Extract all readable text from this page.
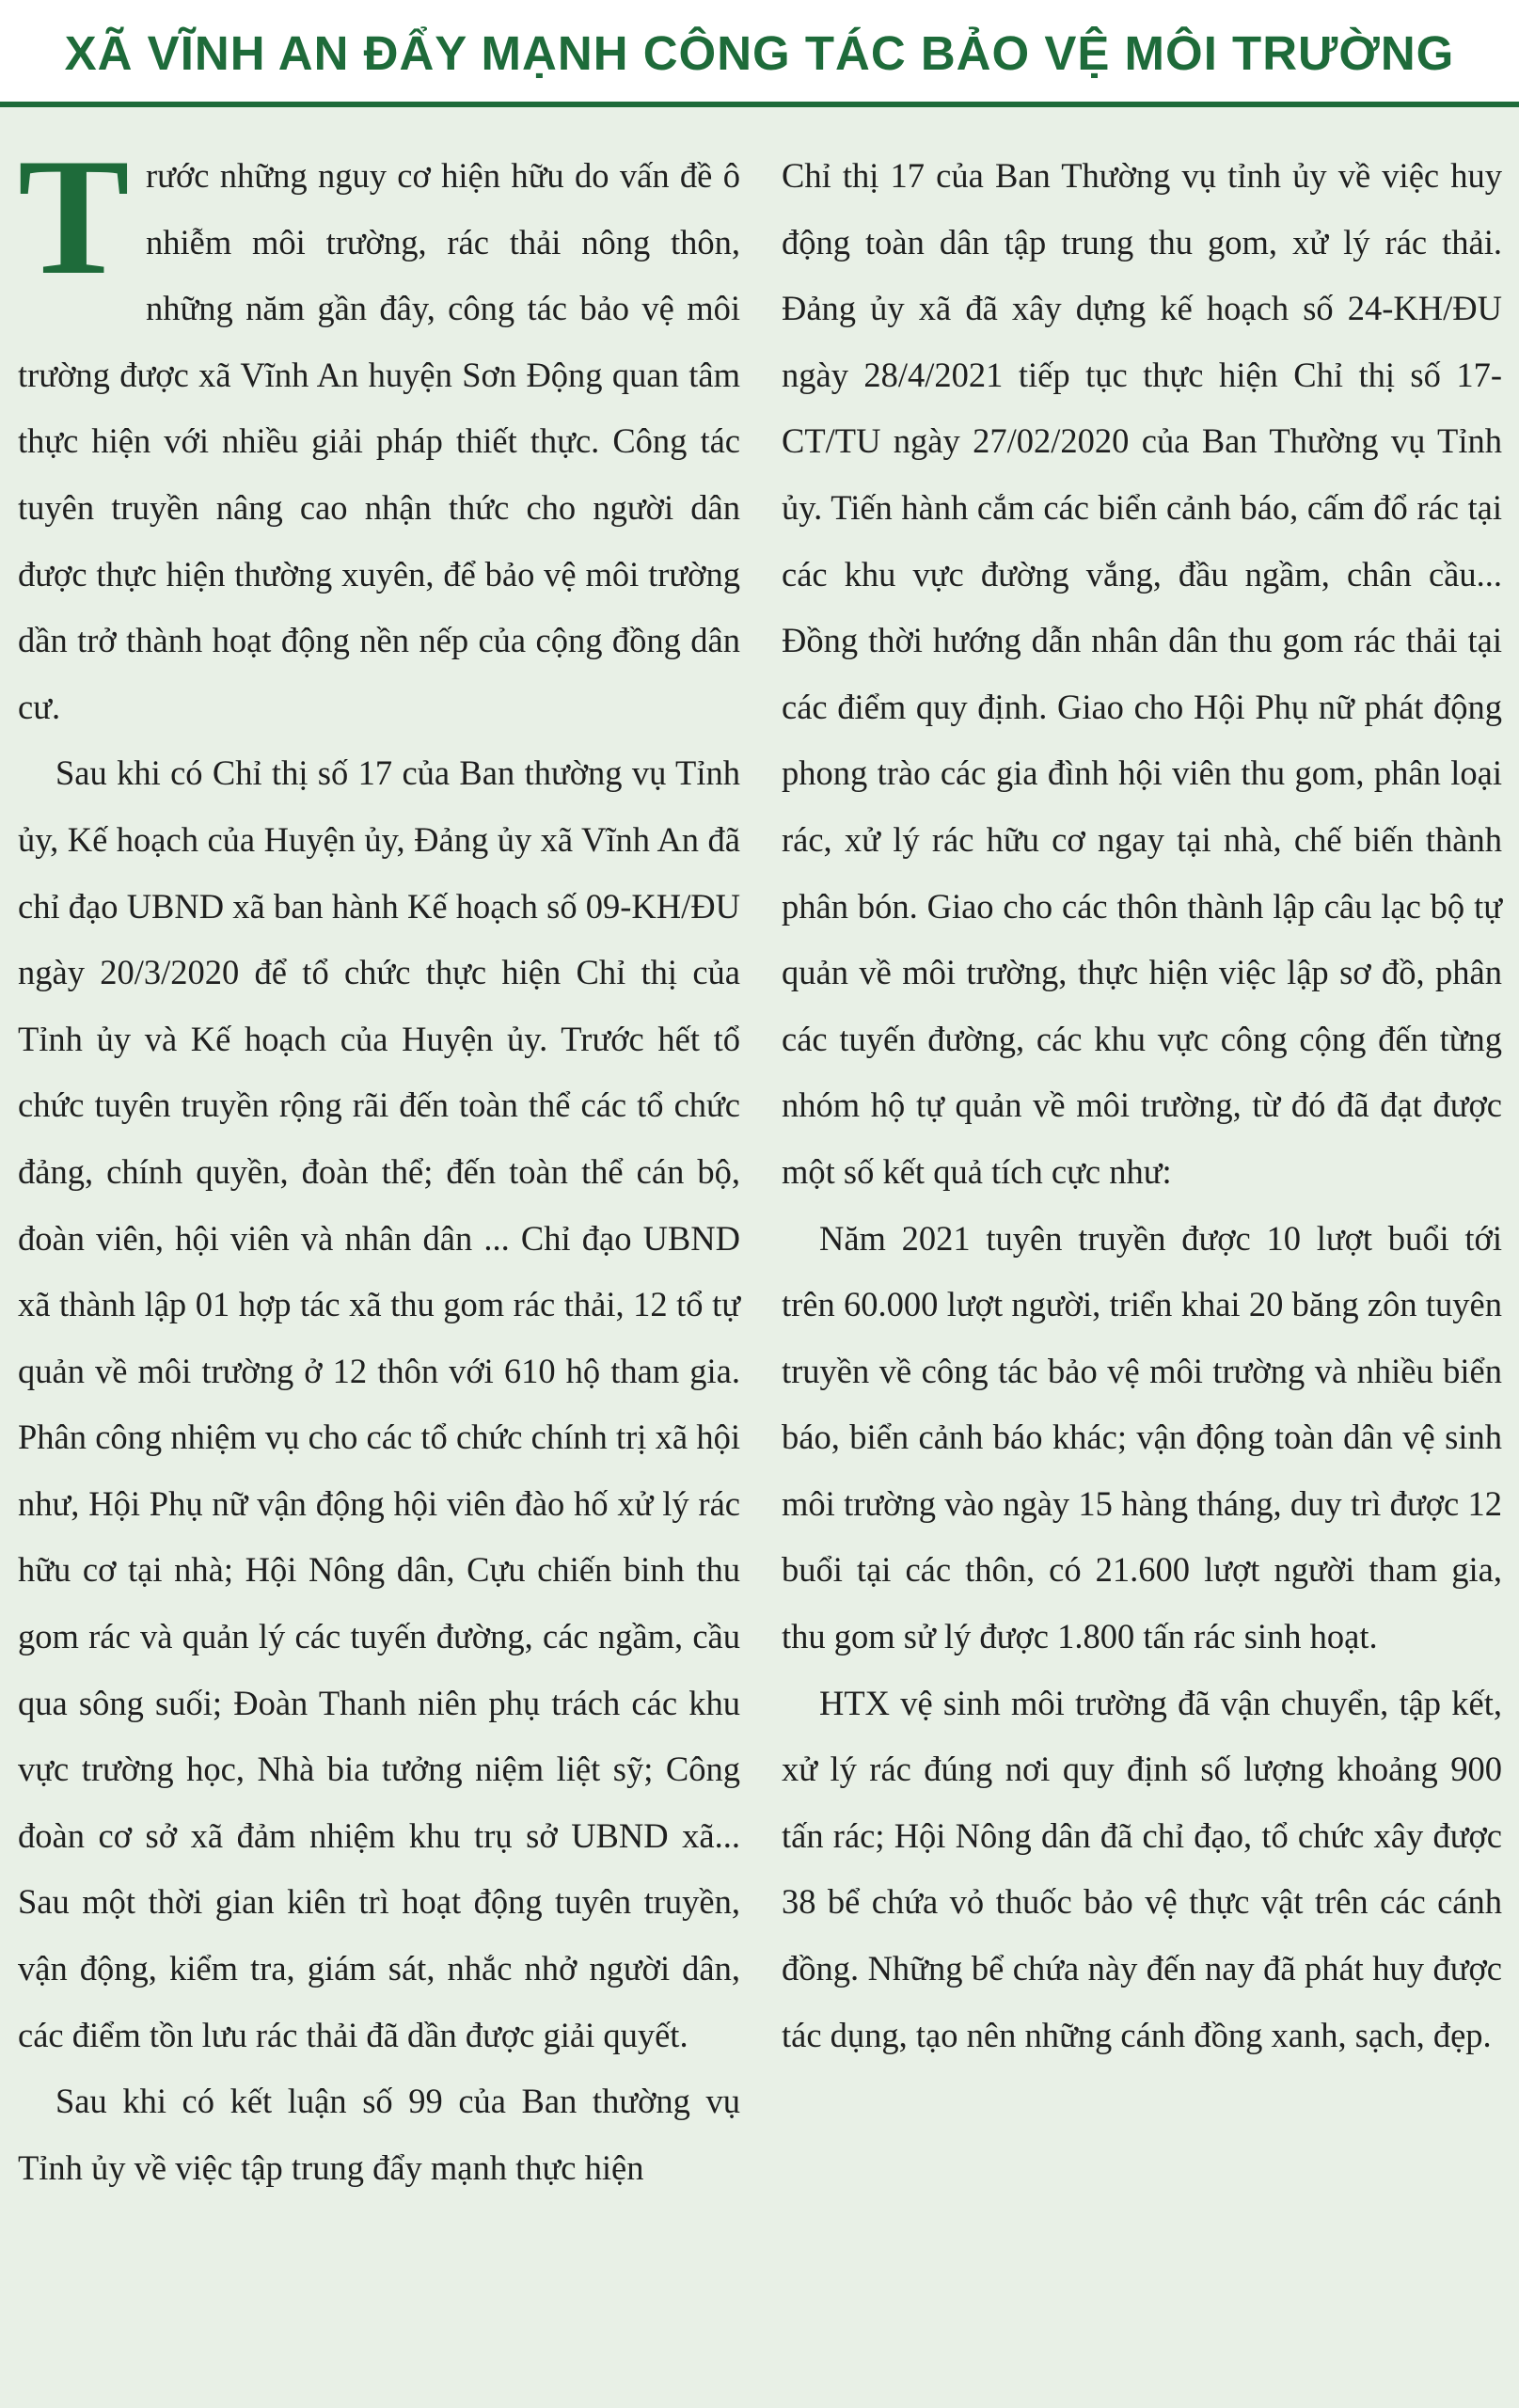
XÃ VĨNH AN ĐẨY MẠNH CÔNG TÁC BẢO VỆ MÔI TRƯỜNG

Trước những nguy cơ hiện hữu do vấn đề ô nhiễm môi trường, rác thải nông thôn, những năm gần đây, công tác bảo vệ môi trường được xã Vĩnh An huyện Sơn Động quan tâm thực hiện với nhiều giải pháp thiết thực. Công tác tuyên truyền nâng cao nhận thức cho người dân được thực hiện thường xuyên, để bảo vệ môi trường dần trở thành hoạt động nền nếp của cộng đồng dân cư.

Sau khi có Chỉ thị số 17 của Ban thường vụ Tỉnh ủy, Kế hoạch của Huyện ủy, Đảng ủy xã Vĩnh An đã chỉ đạo UBND xã ban hành Kế hoạch số 09-KH/ĐU ngày 20/3/2020 để tổ chức thực hiện Chỉ thị của Tỉnh ủy và Kế hoạch của Huyện ủy. Trước hết tổ chức tuyên truyền rộng rãi đến toàn thể các tổ chức đảng, chính quyền, đoàn thể; đến toàn thể cán bộ, đoàn viên, hội viên và nhân dân ... Chỉ đạo UBND xã thành lập 01 hợp tác xã thu gom rác thải, 12 tổ tự quản về môi trường ở 12 thôn với 610 hộ tham gia. Phân công nhiệm vụ cho các tổ chức chính trị xã hội như, Hội Phụ nữ vận động hội viên đào hố xử lý rác hữu cơ tại nhà; Hội Nông dân, Cựu chiến binh thu gom rác và quản lý các tuyến đường, các ngầm, cầu qua sông suối; Đoàn Thanh niên phụ trách các khu vực trường học, Nhà bia tưởng niệm liệt sỹ; Công đoàn cơ sở xã đảm nhiệm khu trụ sở UBND xã... Sau một thời gian kiên trì hoạt động tuyên truyền, vận động, kiểm tra, giám sát, nhắc nhở người dân, các điểm tồn lưu rác thải đã dần được giải quyết.

Sau khi có kết luận số 99 của Ban thường vụ Tỉnh ủy về việc tập trung đẩy mạnh thực hiện

Chỉ thị 17 của Ban Thường vụ tỉnh ủy về việc huy động toàn dân tập trung thu gom, xử lý rác thải. Đảng ủy xã đã xây dựng kế hoạch số 24-KH/ĐU ngày 28/4/2021 tiếp tục thực hiện Chỉ thị số 17-CT/TU ngày 27/02/2020 của Ban Thường vụ Tỉnh ủy. Tiến hành cắm các biển cảnh báo, cấm đổ rác tại các khu vực đường vắng, đầu ngầm, chân cầu... Đồng thời hướng dẫn nhân dân thu gom rác thải tại các điểm quy định. Giao cho Hội Phụ nữ phát động phong trào các gia đình hội viên thu gom, phân loại rác, xử lý rác hữu cơ ngay tại nhà, chế biến thành phân bón. Giao cho các thôn thành lập câu lạc bộ tự quản về môi trường, thực hiện việc lập sơ đồ, phân các tuyến đường, các khu vực công cộng đến từng nhóm hộ tự quản về môi trường, từ đó đã đạt được một số kết quả tích cực như:

Năm 2021 tuyên truyền được 10 lượt buổi tới trên 60.000 lượt người, triển khai 20 băng zôn tuyên truyền về công tác bảo vệ môi trường và nhiều biển báo, biển cảnh báo khác; vận động toàn dân vệ sinh môi trường vào ngày 15 hàng tháng, duy trì được 12 buổi tại các thôn, có 21.600 lượt người tham gia, thu gom sử lý được 1.800 tấn rác sinh hoạt.

HTX vệ sinh môi trường đã vận chuyển, tập kết, xử lý rác đúng nơi quy định số lượng khoảng 900 tấn rác; Hội Nông dân đã chỉ đạo, tổ chức xây được 38 bể chứa vỏ thuốc bảo vệ thực vật trên các cánh đồng. Những bể chứa này đến nay đã phát huy được tác dụng, tạo nên những cánh đồng xanh, sạch, đẹp.
